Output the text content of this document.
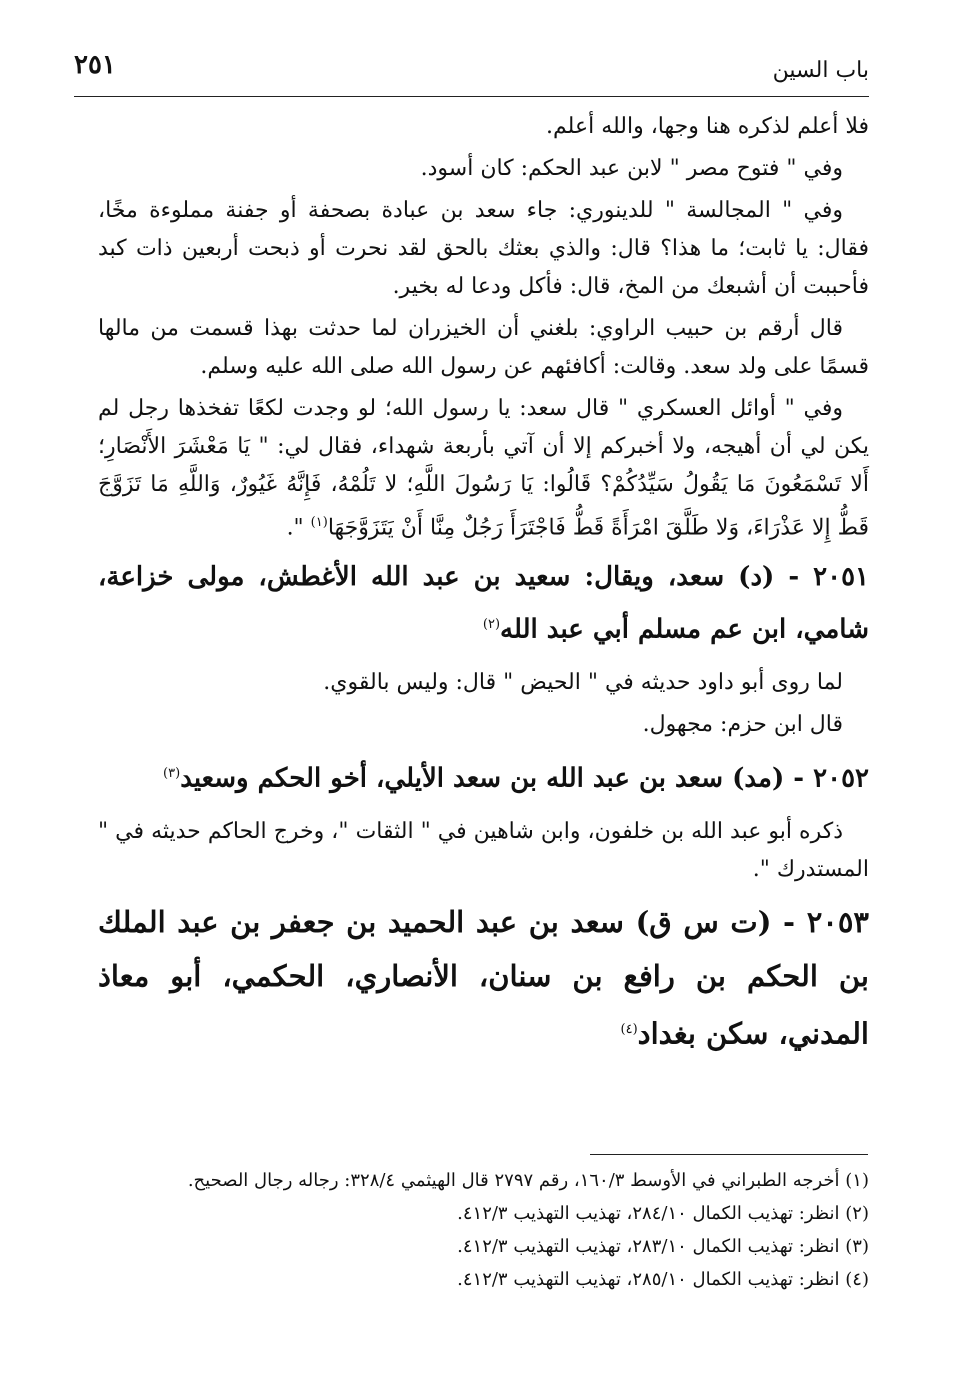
باب السين
٢٥١

فلا أعلم لذكره هنا وجها، والله أعلم.

وفي " فتوح مصر " لابن عبد الحكم: كان أسود.

وفي " المجالسة " للدينوري: جاء سعد بن عبادة بصحفة أو جفنة مملوءة مخًا، فقال: يا ثابت؛ ما هذا؟ قال: والذي بعثك بالحق لقد نحرت أو ذبحت أربعين ذات كبد فأحببت أن أشبعك من المخ، قال: فأكل ودعا له بخير.

قال أرقم بن حبيب الراوي: بلغني أن الخيزران لما حدثت بهذا قسمت من مالها قسمًا على ولد سعد. وقالت: أكافئهم عن رسول الله صلى الله عليه وسلم.

وفي " أوائل العسكري " قال سعد: يا رسول الله؛ لو وجدت لكعًا تفخذها رجل لم يكن لي أن أهيجه، ولا أخبركم إلا أن آتي بأربعة شهداء، فقال لي: " يَا مَعْشَرَ الأَنْصَارِ؛ أَلا تَسْمَعُونَ مَا يَقُولُ سَيِّدُكُمْ؟ قَالُوا: يَا رَسُولَ اللَّهِ؛ لا تَلُمْهُ، فَإِنَّهُ غَيُورٌ، وَاللَّهِ مَا تَزَوَّجَ قَطُّ إِلا عَذْرَاءَ، وَلا طَلَّقَ امْرَأَةً قَطُّ فَاجْتَرَأَ رَجُلٌ مِنَّا أَنْ يَتَزَوَّجَهَا$^{(١)}$ ".

٢٠٥١ - (د) سعد، ويقال: سعيد بن عبد الله الأغطش، مولى خزاعة، شامي، ابن عم مسلم أبي عبد الله$^{(٢)}$

لما روى أبو داود حديثه في " الحيض " قال: وليس بالقوي.

قال ابن حزم: مجهول.

٢٠٥٢ - (مد) سعد بن عبد الله بن سعد الأيلي، أخو الحكم وسعيد$^{(٣)}$

ذكره أبو عبد الله بن خلفون، وابن شاهين في " الثقات "، وخرج الحاكم حديثه في " المستدرك ".

٢٠٥٣ - (ت س ق) سعد بن عبد الحميد بن جعفر بن عبد الملك بن الحكم بن رافع بن سنان، الأنصاري، الحكمي، أبو معاذ المدني، سكن بغداد$^{(٤)}$

(١) أخرجه الطبراني في الأوسط ١٦٠/٣، رقم ٢٧٩٧ قال الهيثمي ٣٢٨/٤: رجاله رجال الصحيح.
(٢) انظر: تهذيب الكمال ٢٨٤/١٠، تهذيب التهذيب ٤١٢/٣.
(٣) انظر: تهذيب الكمال ٢٨٣/١٠، تهذيب التهذيب ٤١٢/٣.
(٤) انظر: تهذيب الكمال ٢٨٥/١٠، تهذيب التهذيب ٤١٢/٣.
